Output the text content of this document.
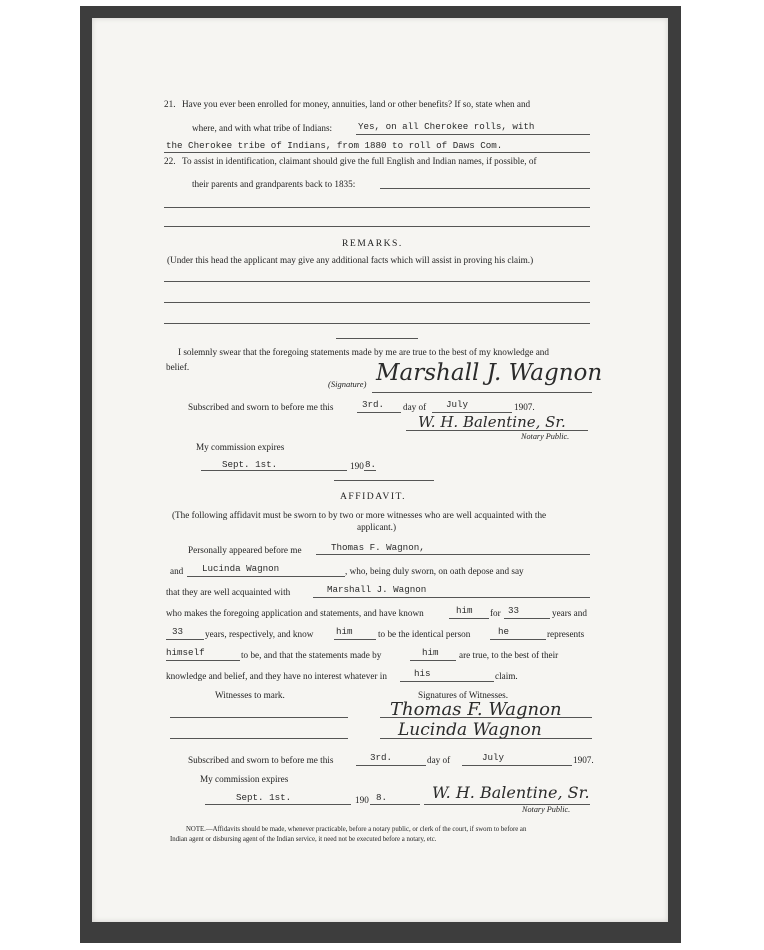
21. Have you ever been enrolled for money, annuities, land or other benefits? If so, state when and
where, and with what tribe of Indians:	Yes, on all Cherokee rolls, with
the Cherokee tribe of Indians, from 1880 to roll of Daws Com.
22. To assist in identification, claimant should give the full English and Indian names, if possible, of
their parents and grandparents back to 1835:
REMARKS.
(Under this head the applicant may give any additional facts which will assist in proving his claim.)
I solemnly swear that the foregoing statements made by me are true to the best of my knowledge and
belief.
(Signature) Marshall J. Wagnon
Subscribed and sworn to before me this	3rd. day of July	1907.
W. H. Balentine, Sr.
Notary Public.
My commission expires
Sept. 1st.	190 8.
AFFIDAVIT.
(The following affidavit must be sworn to by two or more witnesses who are well acquainted with the
applicant.)
Personally appeared before me	Thomas F. Wagnon,
and Lucinda Wagnon	, who, being duly sworn, on oath depose and say
that they are well acquainted with	Marshall J. Wagnon
who makes the foregoing application and statements, and have known	him for 33	years and
33 years, respectively, and know him	to be the identical person	he	represents
himself	to be, and that the statements made by	him are true, to the best of their
knowledge and belief, and they have no interest whatever in	his	claim.
Witnesses to mark.	Signatures of Witnesses.
Thomas F. Wagnon
Lucinda Wagnon
Subscribed and sworn to before me this	3rd.	day of	July	1907.
My commission expires
Sept. 1st.	190 8.	W. H. Balentine, Sr.
Notary Public.
NOTE.—Affidavits should be made, whenever practicable, before a notary public, or clerk of the court, if sworn to before an
Indian agent or disbursing agent of the Indian service, it need not be executed before a notary, etc.
